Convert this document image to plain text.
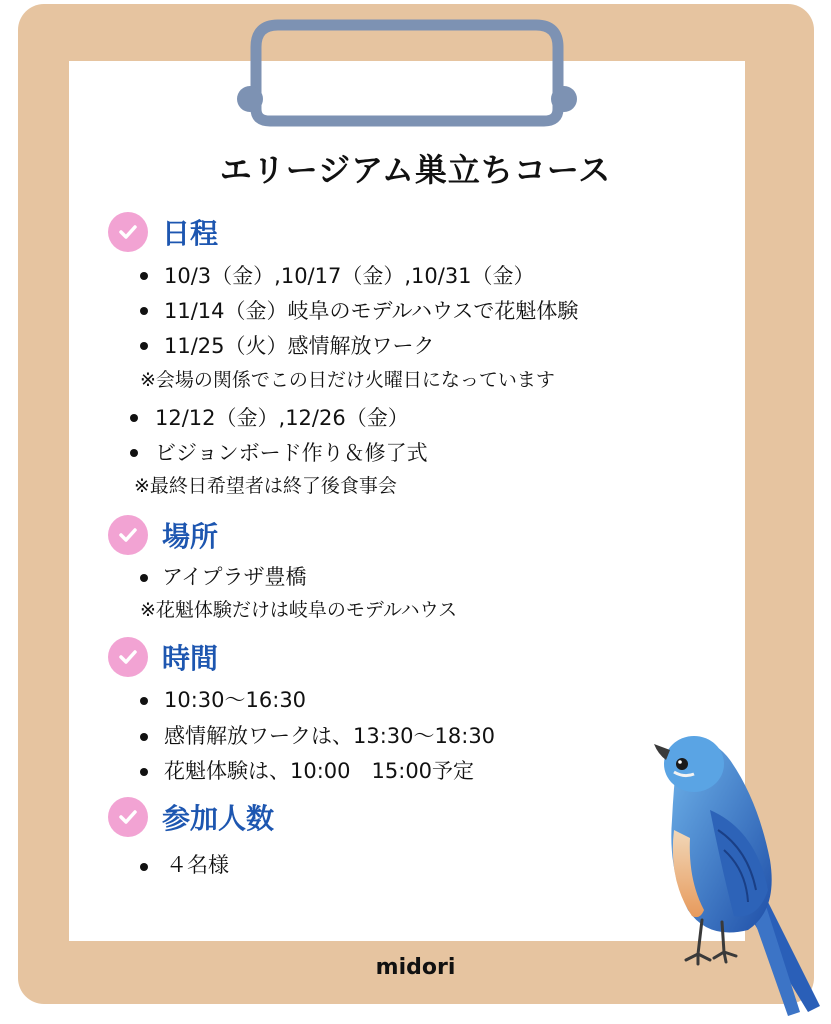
エリージアム巣立ちコース
日程
10/3（金）,10/17（金）,10/31（金）
11/14（金）岐阜のモデルハウスで花魁体験
11/25（火）感情解放ワーク
※会場の関係でこの日だけ火曜日になっています
12/12（金）,12/26（金）
ビジョンボード作り＆修了式
※最終日希望者は終了後食事会
場所
アイプラザ豊橋
※花魁体験だけは岐阜のモデルハウス
時間
10:30〜16:30
感情解放ワークは、13:30〜18:30
花魁体験は、10:00　15:00予定
参加人数
４名様
midori
